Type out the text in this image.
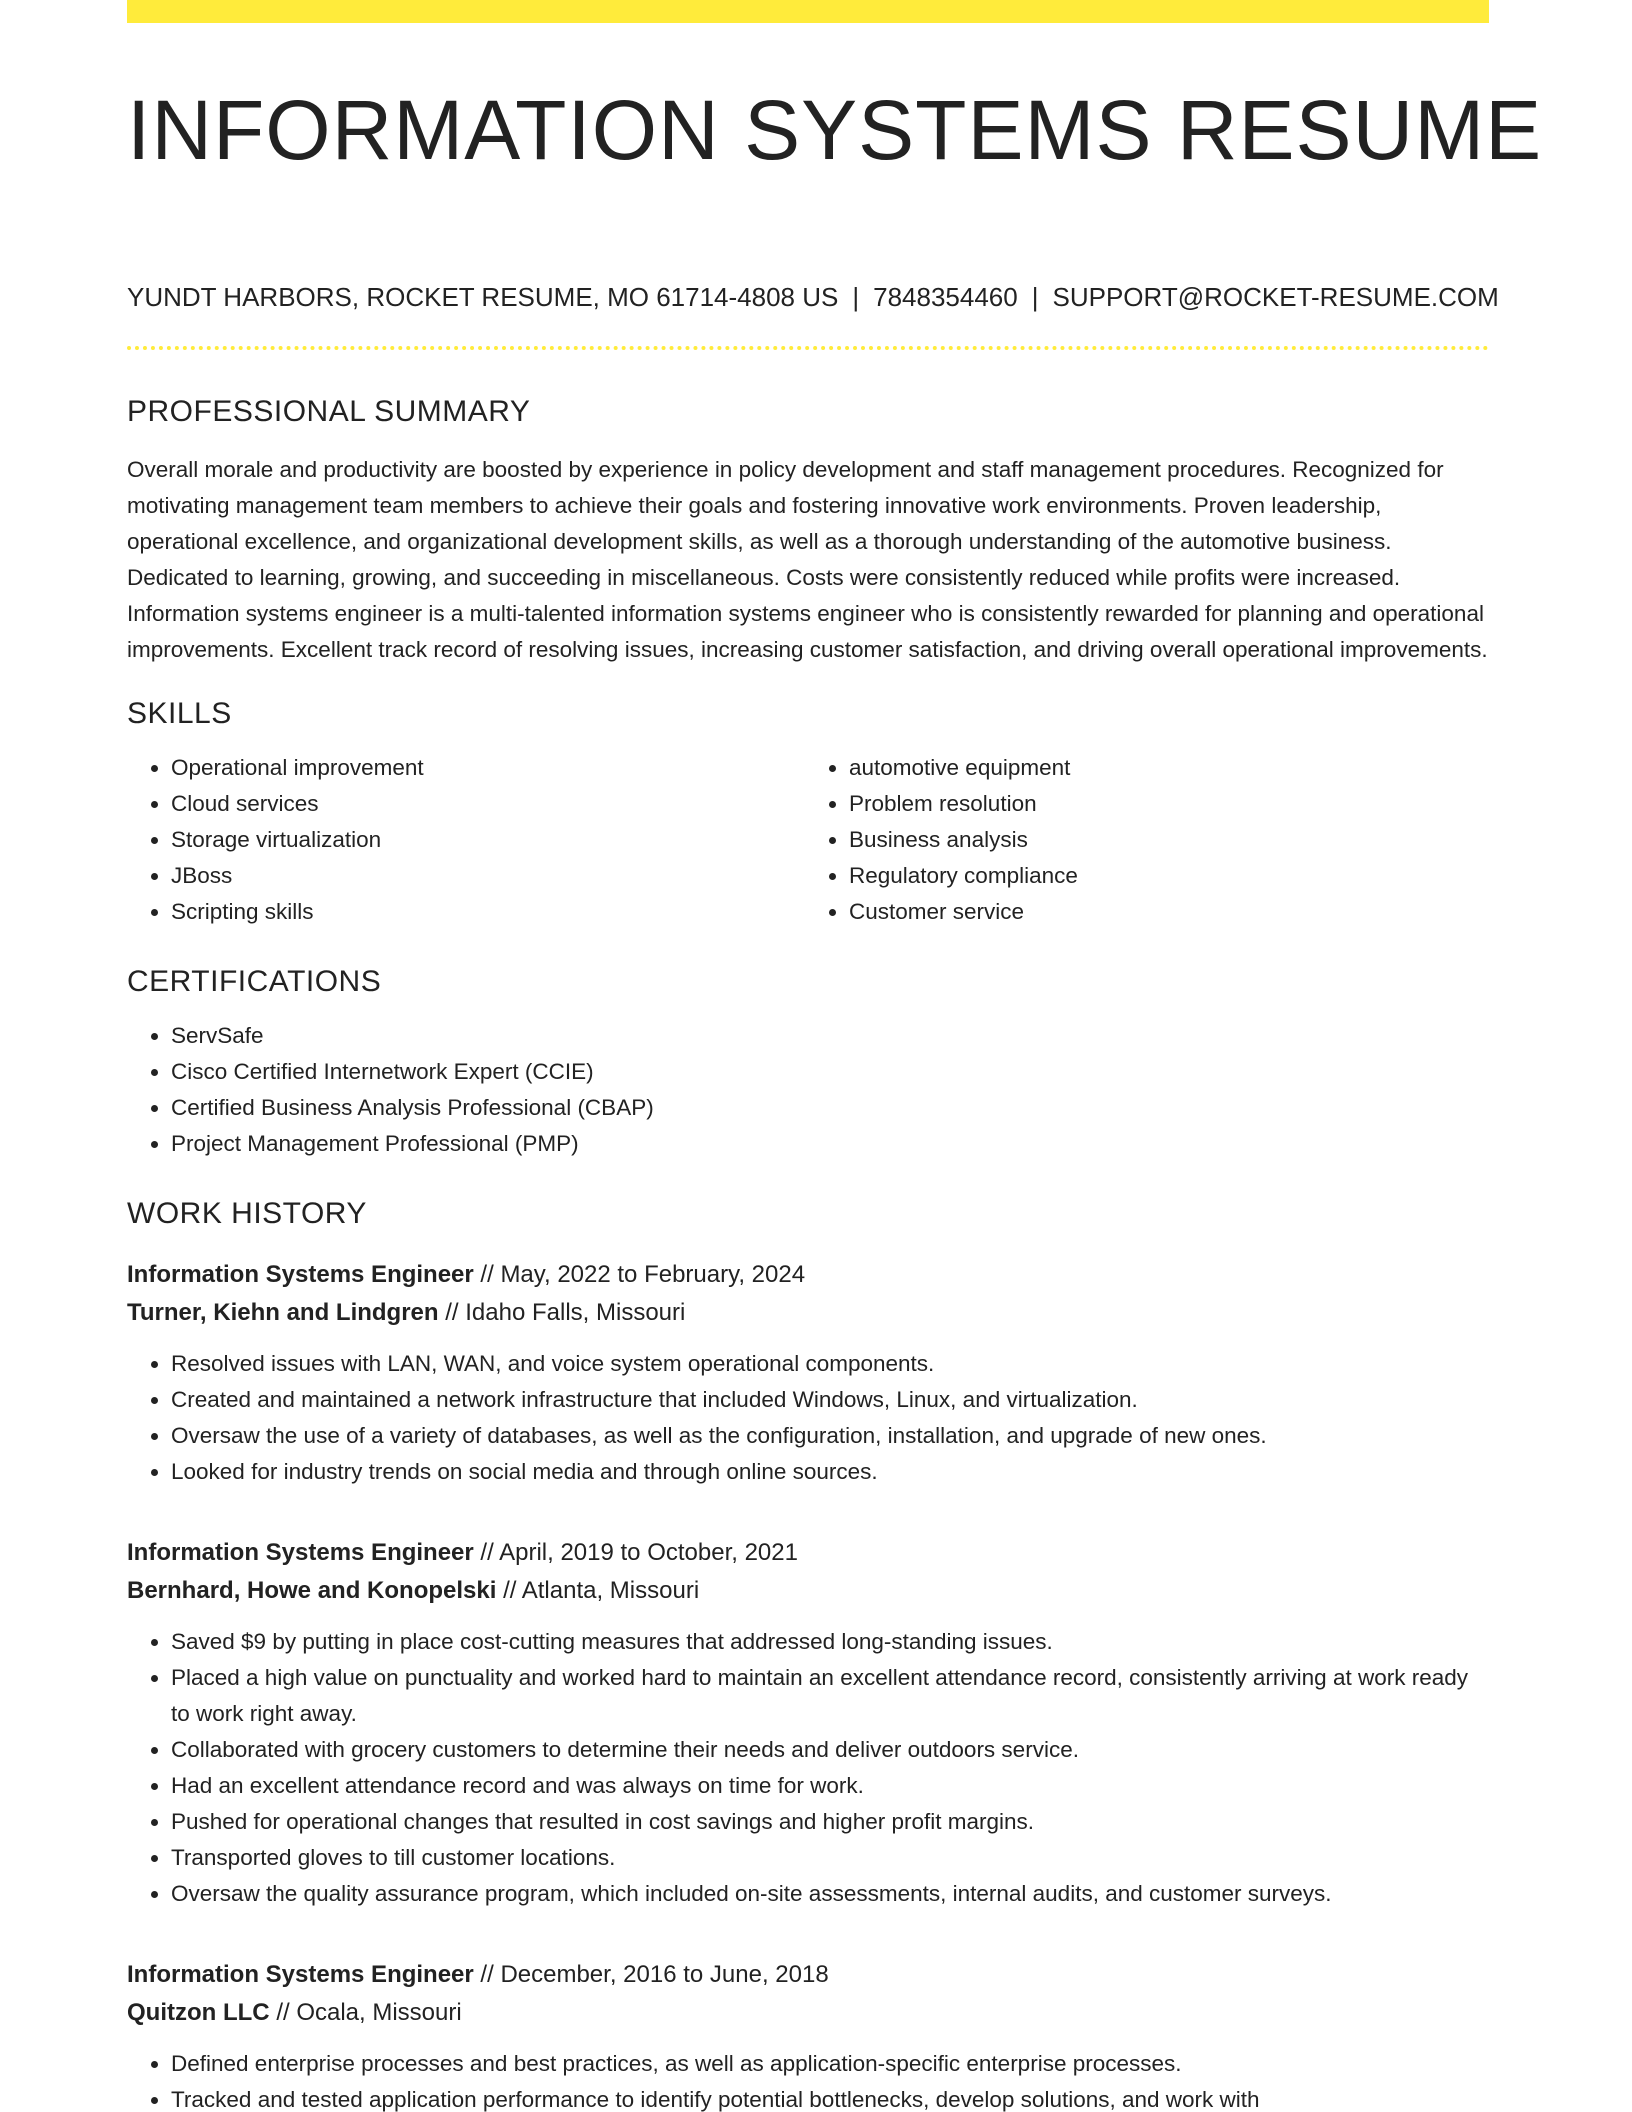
INFORMATION SYSTEMS RESUME
YUNDT HARBORS, ROCKET RESUME, MO 61714-4808 US | 7848354460 | SUPPORT@ROCKET-RESUME.COM
PROFESSIONAL SUMMARY

Overall morale and productivity are boosted by experience in policy development and staff management procedures. Recognized for motivating management team members to achieve their goals and fostering innovative work environments. Proven leadership, operational excellence, and organizational development skills, as well as a thorough understanding of the automotive business. Dedicated to learning, growing, and succeeding in miscellaneous. Costs were consistently reduced while profits were increased. Information systems engineer is a multi-talented information systems engineer who is consistently rewarded for planning and operational improvements. Excellent track record of resolving issues, increasing customer satisfaction, and driving overall operational improvements.

SKILLS
• Operational improvement
• Cloud services
• Storage virtualization
• JBoss
• Scripting skills
• automotive equipment
• Problem resolution
• Business analysis
• Regulatory compliance
• Customer service
CERTIFICATIONS
• ServSafe
• Cisco Certified Internetwork Expert (CCIE)
• Certified Business Analysis Professional (CBAP)
• Project Management Professional (PMP)
WORK HISTORY
Information Systems Engineer // May, 2022 to February, 2024
Turner, Kiehn and Lindgren // Idaho Falls, Missouri
• Resolved issues with LAN, WAN, and voice system operational components.
• Created and maintained a network infrastructure that included Windows, Linux, and virtualization.
• Oversaw the use of a variety of databases, as well as the configuration, installation, and upgrade of new ones.
• Looked for industry trends on social media and through online sources.
Information Systems Engineer // April, 2019 to October, 2021
Bernhard, Howe and Konopelski // Atlanta, Missouri
• Saved $9 by putting in place cost-cutting measures that addressed long-standing issues.
• Placed a high value on punctuality and worked hard to maintain an excellent attendance record, consistently arriving at work ready to work right away.
• Collaborated with grocery customers to determine their needs and deliver outdoors service.
• Had an excellent attendance record and was always on time for work.
• Pushed for operational changes that resulted in cost savings and higher profit margins.
• Transported gloves to till customer locations.
• Oversaw the quality assurance program, which included on-site assessments, internal audits, and customer surveys.
Information Systems Engineer // December, 2016 to June, 2018
Quitzon LLC // Ocala, Missouri
• Defined enterprise processes and best practices, as well as application-specific enterprise processes.
• Tracked and tested application performance to identify potential bottlenecks, develop solutions, and work with
